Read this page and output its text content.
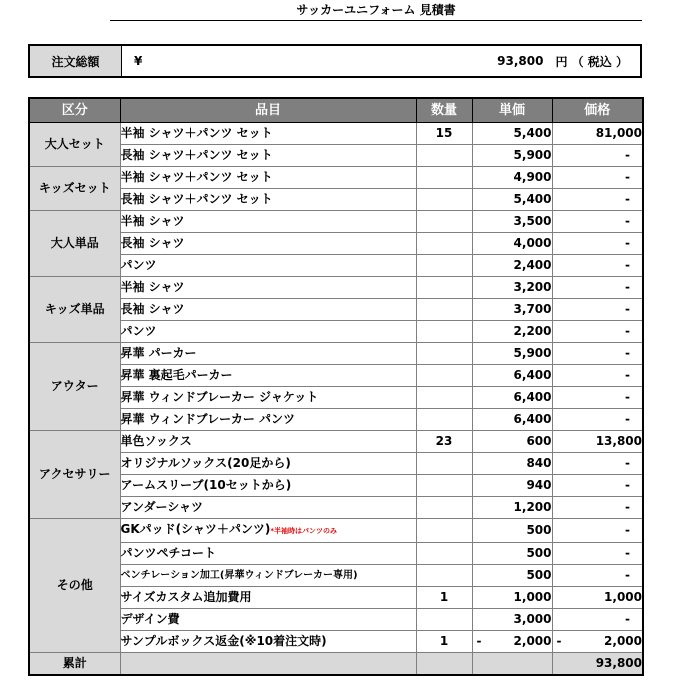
サッカーユニフォーム 見積書
注文総額	¥	93,800	円 （ 税込 ）
区分	品目	数量	単価	価格
大人セット	半袖 シャツ＋パンツ セット	15	5,400	81,000
	長袖 シャツ＋パンツ セット		5,900	-
キッズセット	半袖 シャツ＋パンツ セット		4,900	-
	長袖 シャツ＋パンツ セット		5,400	-
大人単品	半袖 シャツ		3,500	-
	長袖 シャツ		4,000	-
	パンツ		2,400	-
キッズ単品	半袖 シャツ		3,200	-
	長袖 シャツ		3,700	-
	パンツ		2,200	-
アウター	昇華 パーカー		5,900	-
	昇華 裏起毛パーカー		6,400	-
	昇華 ウィンドブレーカー ジャケット		6,400	-
	昇華 ウィンドブレーカー パンツ		6,400	-
アクセサリー	単色ソックス	23	600	13,800
	オリジナルソックス(20足から)		840	-
	アームスリーブ(10セットから)		940	-
	アンダーシャツ		1,200	-
その他	GKパッド(シャツ＋パンツ)*半袖時はパンツのみ		500	-
	パンツペチコート		500	-
	ベンチレーション加工(昇華ウィンドブレーカー専用)		500	-
	サイズカスタム追加費用	1	1,000	1,000
	デザイン費		3,000	-
	サンプルボックス返金(※10着注文時)	1	- 2,000	- 2,000

累計				93,800
